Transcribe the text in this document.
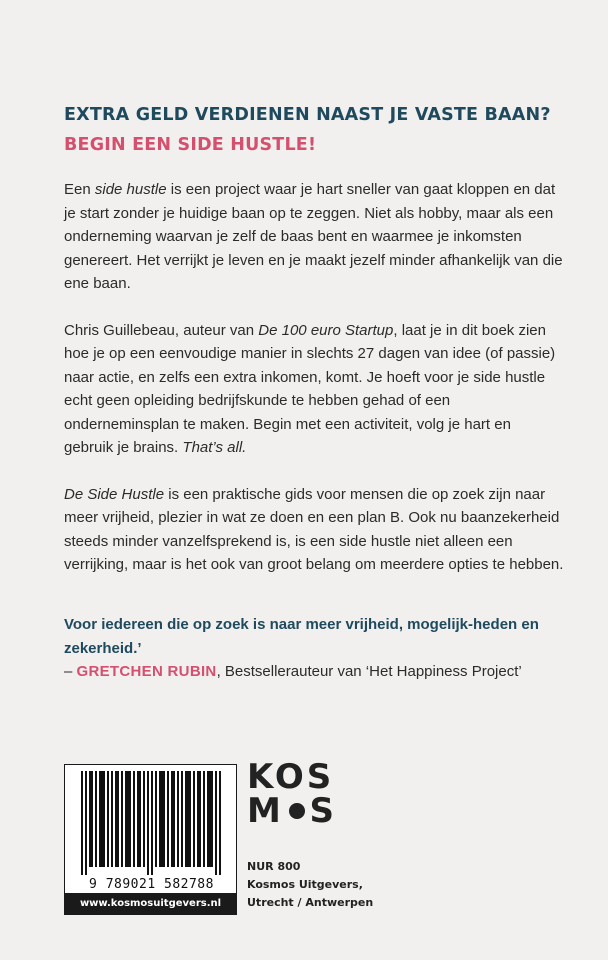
EXTRA GELD VERDIENEN NAAST JE VASTE BAAN?
BEGIN EEN SIDE HUSTLE!

Een side hustle is een project waar je hart sneller van gaat kloppen en dat je start zonder je huidige baan op te zeggen. Niet als hobby, maar als een onderneming waarvan je zelf de baas bent en waarmee je inkomsten genereert. Het verrijkt je leven en je maakt jezelf minder afhankelijk van die ene baan.

Chris Guillebeau, auteur van De 100 euro Startup, laat je in dit boek zien hoe je op een eenvoudige manier in slechts 27 dagen van idee (of passie) naar actie, en zelfs een extra inkomen, komt. Je hoeft voor je side hustle echt geen opleiding bedrijfskunde te hebben gehad of een onderneminsplan te maken. Begin met een activiteit, volg je hart en gebruik je brains. That’s all.

De Side Hustle is een praktische gids voor mensen die op zoek zijn naar meer vrijheid, plezier in wat ze doen en een plan B. Ook nu baanzekerheid steeds minder vanzelfsprekend is, is een side hustle niet alleen een verrijking, maar is het ook van groot belang om meerdere opties te hebben.

Voor iedereen die op zoek is naar meer vrijheid, mogelijk-heden en zekerheid.’
– GRETCHEN RUBIN, Bestsellerauteur van ‘Het Happiness Project’
9 789021 582788
www.kosmosuitgevers.nl
KOS
M S
NUR 800
Kosmos Uitgevers,
Utrecht / Antwerpen
